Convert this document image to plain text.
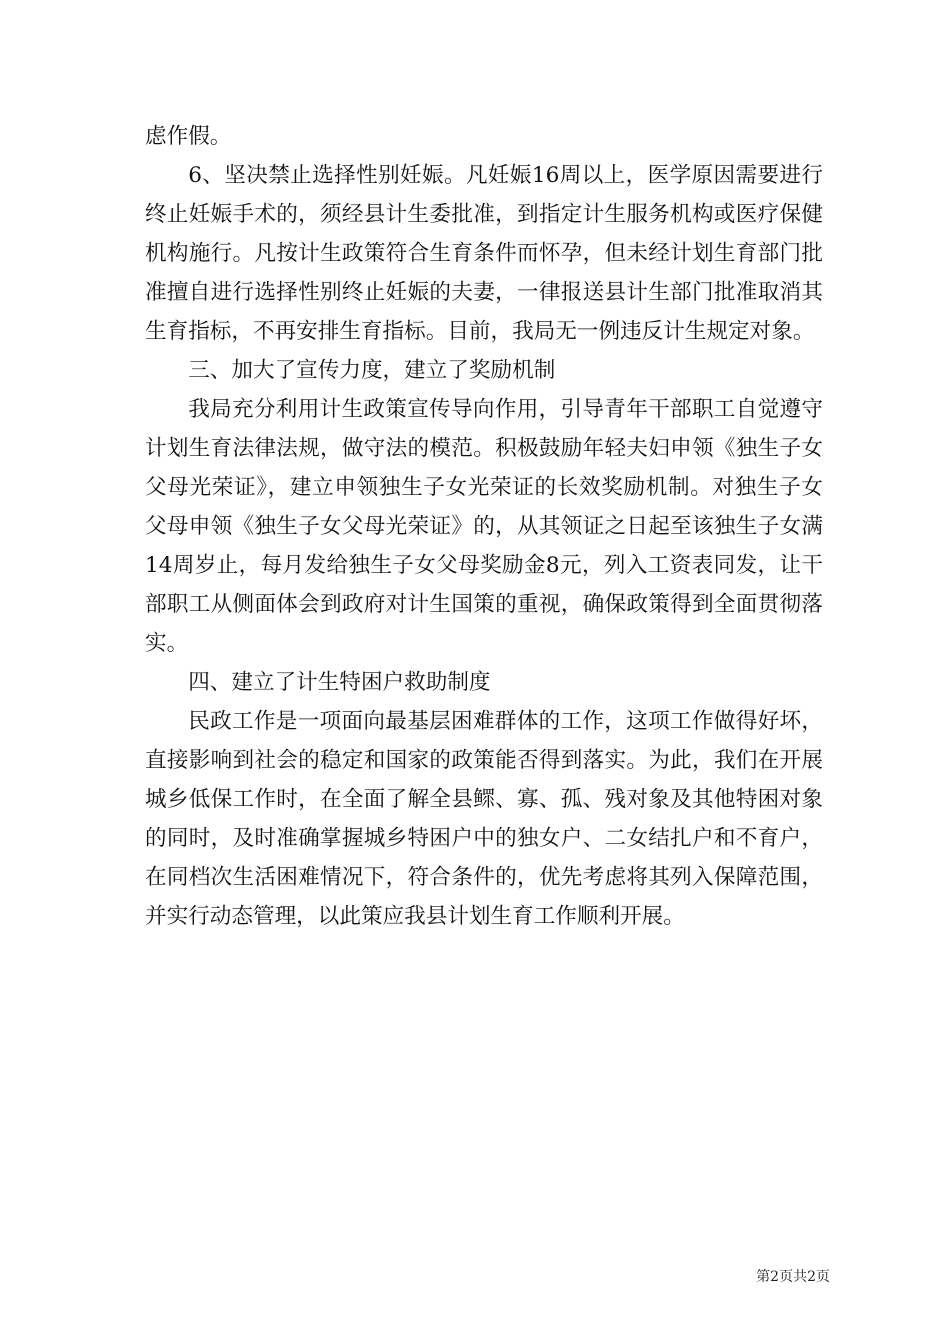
虑作假。

6、坚决禁止选择性别妊娠。凡妊娠16周以上，医学原因需要进行终止妊娠手术的，须经县计生委批准，到指定计生服务机构或医疗保健机构施行。凡按计生政策符合生育条件而怀孕，但未经计划生育部门批准擅自进行选择性别终止妊娠的夫妻，一律报送县计生部门批准取消其生育指标，不再安排生育指标。目前，我局无一例违反计生规定对象。

三、加大了宣传力度，建立了奖励机制

我局充分利用计生政策宣传导向作用，引导青年干部职工自觉遵守计划生育法律法规，做守法的模范。积极鼓励年轻夫妇申领《独生子女父母光荣证》，建立申领独生子女光荣证的长效奖励机制。对独生子女父母申领《独生子女父母光荣证》的，从其领证之日起至该独生子女满14周岁止，每月发给独生子女父母奖励金8元，列入工资表同发，让干部职工从侧面体会到政府对计生国策的重视，确保政策得到全面贯彻落实。

四、建立了计生特困户救助制度

民政工作是一项面向最基层困难群体的工作，这项工作做得好坏，直接影响到社会的稳定和国家的政策能否得到落实。为此，我们在开展城乡低保工作时，在全面了解全县鳏、寡、孤、残对象及其他特困对象的同时，及时准确掌握城乡特困户中的独女户、二女结扎户和不育户，在同档次生活困难情况下，符合条件的，优先考虑将其列入保障范围，并实行动态管理，以此策应我县计划生育工作顺利开展。

第2页共2页
